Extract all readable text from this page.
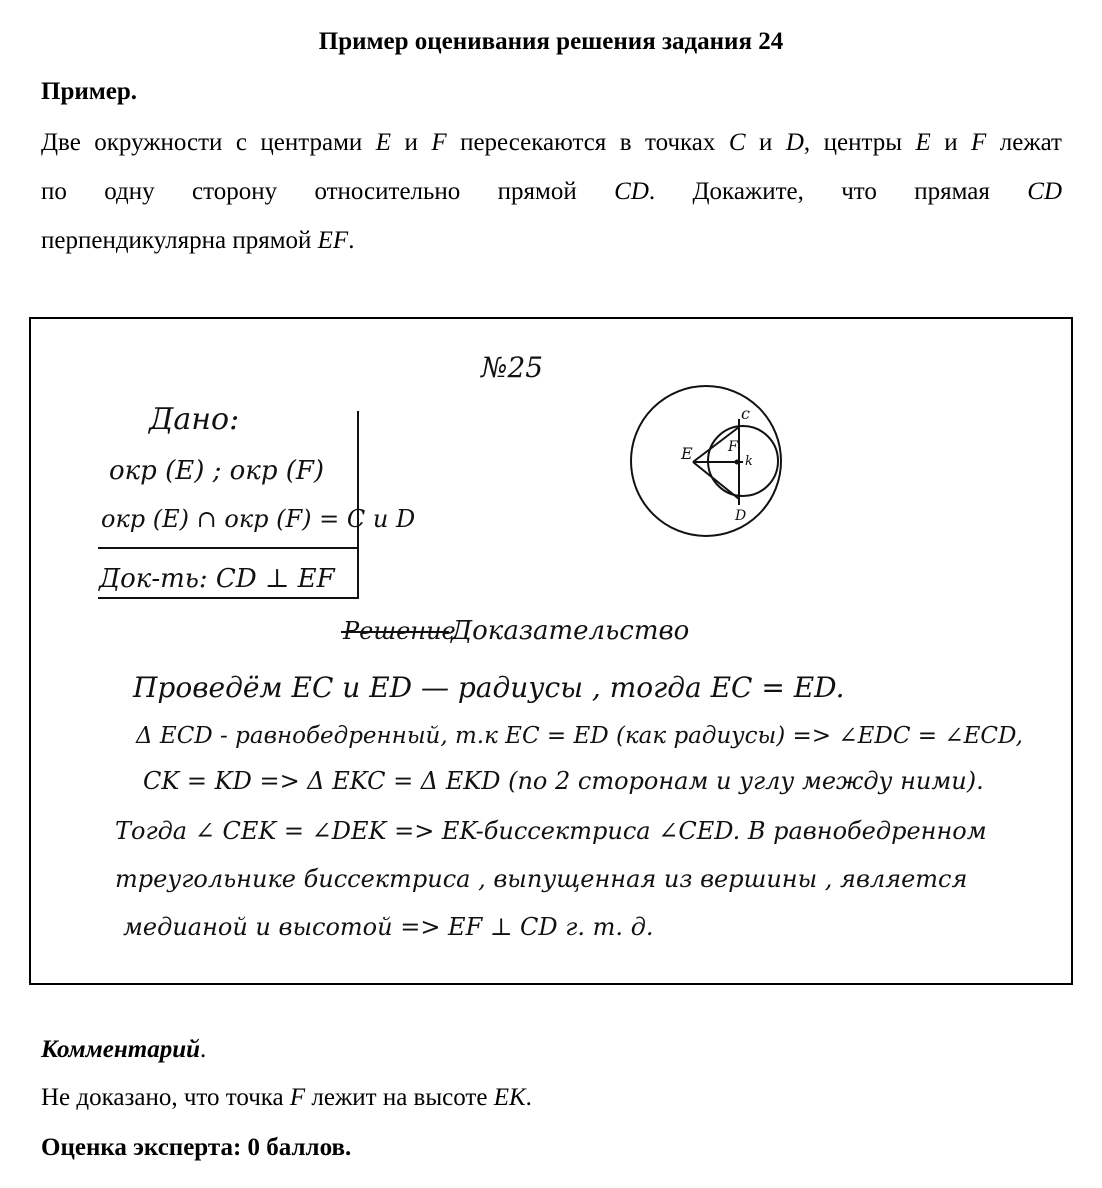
Пример оценивания решения задания 24
Пример.
Две окружности с центрами E и F пересекаются в точках C и D, центры E и F лежат
по одну сторону относительно прямой CD. Докажите, что прямая CD
перпендикулярна прямой EF.
№25
Дано:
окр (E) ; окр (F)
окр (E) ∩ окр (F) = C и D
Док-ть: CD ⊥ EF
c
E	F
k
D
Решение
Доказательство
Проведём EC и ED — радиусы , тогда EC = ED.
Δ ECD - равнобедренный, т.к EC = ED (как радиусы) => ∠EDC = ∠ECD,
CK = KD => Δ EKC = Δ EKD (по 2 сторонам и углу между ними).
Тогда ∠ CEK = ∠DEK => EK-биссектриса ∠CED. В равнобедренном
треугольнике биссектриса , выпущенная из вершины , является
медианой и высотой => EF ⊥ CD г. т. д.
Комментарий.
Не доказано, что точка F лежит на высоте EK.
Оценка эксперта: 0 баллов.
